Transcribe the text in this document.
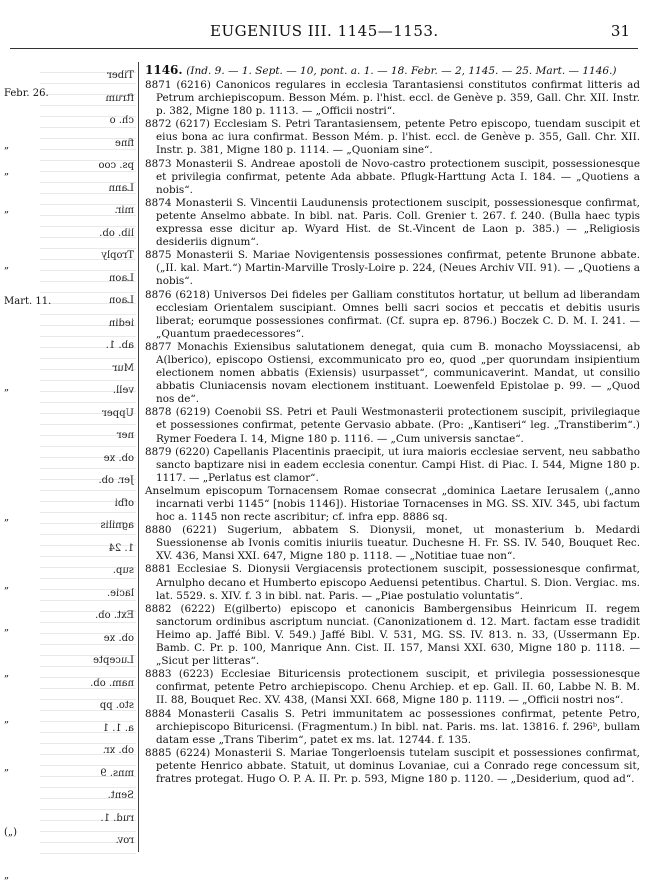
EUGENIUS III. 1145—1153.	31
Febr. 26.
„
„
„
„
Mart. 11.
„
„
„
„
„
„
„
(„)
„
Tiber
ftrum
ch. o
fine
ps. coo
Lann
mir.
lib. ob.
Troply
Laon
Laon
iedin
ab. 1.
Mur
vell.
Upper
ner
ob. xe
Jer. ob.
ofbi
agnilis
1. 24
sup.
lacie.
Ext. ob.
ob. xe
Lucepte
nam. ob.
sto. pp
a. 1. 1
ob. xr.
mns. 9
Sent.
rud. 1.
rov.
1146. (Ind. 9. — 1. Sept. — 10, pont. a. 1. — 18. Febr. — 2, 1145. — 25. Mart. — 1146.)

8871 (6216) Canonicos regulares in ecclesia Tarantasiensi constitutos confirmat litteris ad Petrum archiepiscopum. Besson Mém. p. l'hist. eccl. de Genève p. 359, Gall. Chr. XII. Instr. p. 382, Migne 180 p. 1113. — „Officii nostri“.

8872 (6217) Ecclesiam S. Petri Tarantasiensem, petente Petro episcopo, tuendam suscipit et eius bona ac iura confirmat. Besson Mém. p. l'hist. eccl. de Genève p. 355, Gall. Chr. XII. Instr. p. 381, Migne 180 p. 1114. — „Quoniam sine“.

8873 Monasterii S. Andreae apostoli de Novo-castro protectionem suscipit, possessionesque et privilegia confirmat, petente Ada abbate. Pflugk-Harttung Acta I. 184. — „Quotiens a nobis“.

8874 Monasterii S. Vincentii Laudunensis protectionem suscipit, possessionesque confirmat, petente Anselmo abbate. In bibl. nat. Paris. Coll. Grenier t. 267. f. 240. (Bulla haec typis expressa esse dicitur ap. Wyard Hist. de St.-Vincent de Laon p. 385.) — „Religiosis desideriis dignum“.

8875 Monasterii S. Mariae Novigentensis possessiones confirmat, petente Brunone abbate. („II. kal. Mart.“) Martin-Marville Trosly-Loire p. 224, (Neues Archiv VII. 91). — „Quotiens a nobis“.

8876 (6218) Universos Dei fideles per Galliam constitutos hortatur, ut bellum ad liberandam ecclesiam Orientalem suscipiant. Omnes belli sacri socios et peccatis et debitis usuris liberat; eorumque possessiones confirmat. (Cf. supra ep. 8796.) Boczek C. D. M. I. 241. — „Quantum praedecessores“.

8877 Monachis Exiensibus salutationem denegat, quia cum B. monacho Moyssiacensi, ab A(lberico), episcopo Ostiensi, excommunicato pro eo, quod „per quorundam insipientium electionem nomen abbatis (Exiensis) usurpasset“, communicaverint. Mandat, ut consilio abbatis Cluniacensis novam electionem instituant. Loewenfeld Epistolae p. 99. — „Quod nos de“.

8878 (6219) Coenobii SS. Petri et Pauli Westmonasterii protectionem suscipit, privilegiaque et possessiones confirmat, petente Gervasio abbate. (Pro: „Kantiseri“ leg. „Transtiberim“.) Rymer Foedera I. 14, Migne 180 p. 1116. — „Cum universis sanctae“.

8879 (6220) Capellanis Placentinis praecipit, ut iura maioris ecclesiae servent, neu sabbatho sancto baptizare nisi in eadem ecclesia conentur. Campi Hist. di Piac. I. 544, Migne 180 p. 1117. — „Perlatus est clamor“.

Anselmum episcopum Tornacensem Romae consecrat „dominica Laetare Ierusalem („anno incarnati verbi 1145“ [nobis 1146]). Historiae Tornacenses in MG. SS. XIV. 345, ubi factum hoc a. 1145 non recte ascribitur; cf. infra epp. 8886 sq.

8880 (6221) Sugerium, abbatem S. Dionysii, monet, ut monasterium b. Medardi Suessionense ab Ivonis comitis iniuriis tueatur. Duchesne H. Fr. SS. IV. 540, Bouquet Rec. XV. 436, Mansi XXI. 647, Migne 180 p. 1118. — „Notitiae tuae non“.

8881 Ecclesiae S. Dionysii Vergiacensis protectionem suscipit, possessionesque confirmat, Arnulpho decano et Humberto episcopo Aeduensi petentibus. Chartul. S. Dion. Vergiac. ms. lat. 5529. s. XIV. f. 3 in bibl. nat. Paris. — „Piae postulatio voluntatis“.

8882 (6222) E(gilberto) episcopo et canonicis Bambergensibus Heinricum II. regem sanctorum ordinibus ascriptum nunciat. (Canonizationem d. 12. Mart. factam esse tradidit Heimo ap. Jaffé Bibl. V. 549.) Jaffé Bibl. V. 531, MG. SS. IV. 813. n. 33, (Ussermann Ep. Bamb. C. Pr. p. 100, Manrique Ann. Cist. II. 157, Mansi XXI. 630, Migne 180 p. 1118. — „Sicut per litteras“.

8883 (6223) Ecclesiae Bituricensis protectionem suscipit, et privilegia possessionesque confirmat, petente Petro archiepiscopo. Chenu Archiep. et ep. Gall. II. 60, Labbe N. B. M. II. 88, Bouquet Rec. XV. 438, (Mansi XXI. 668, Migne 180 p. 1119. — „Officii nostri nos“.

8884 Monasterii Casalis S. Petri immunitatem ac possessiones confirmat, petente Petro, archiepiscopo Bituricensi. (Fragmentum.) In bibl. nat. Paris. ms. lat. 13816. f. 296ᵇ, bullam datam esse „Trans Tiberim“, patet ex ms. lat. 12744. f. 135.

8885 (6224) Monasterii S. Mariae Tongerloensis tutelam suscipit et possessiones confirmat, petente Henrico abbate. Statuit, ut dominus Lovaniae, cui a Conrado rege concessum sit, fratres protegat. Hugo O. P. A. II. Pr. p. 593, Migne 180 p. 1120. — „Desiderium, quod ad“.
